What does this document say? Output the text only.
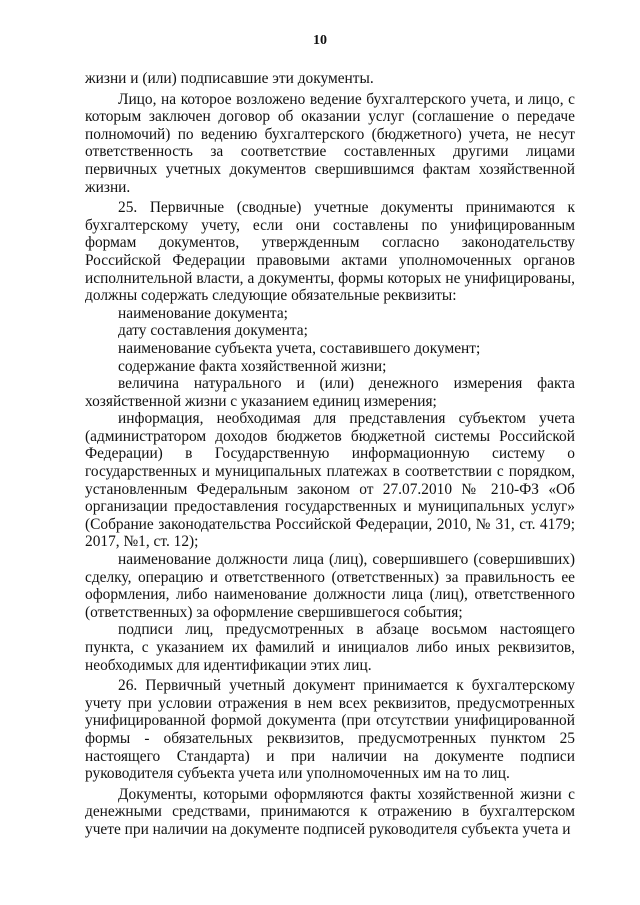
10

жизни и (или) подписавшие эти документы.

Лицо, на которое возложено ведение бухгалтерского учета, и лицо, с которым заключен договор об оказании услуг (соглашение о передаче полномочий) по ведению бухгалтерского (бюджетного) учета, не несут ответственность за соответствие составленных другими лицами первичных учетных документов свершившимся фактам хозяйственной жизни.

25. Первичные (сводные) учетные документы принимаются к бухгалтерскому учету, если они составлены по унифицированным формам документов, утвержденным согласно законодательству Российской Федерации правовыми актами уполномоченных органов исполнительной власти, а документы, формы которых не унифицированы, должны содержать следующие обязательные реквизиты:

наименование документа;

дату составления документа;

наименование субъекта учета, составившего документ;

содержание факта хозяйственной жизни;

величина натурального и (или) денежного измерения факта хозяйственной жизни с указанием единиц измерения;

информация, необходимая для представления субъектом учета (администратором доходов бюджетов бюджетной системы Российской Федерации) в Государственную информационную систему о государственных и муниципальных платежах в соответствии с порядком, установленным Федеральным законом от 27.07.2010 № 210-ФЗ «Об организации предоставления государственных и муниципальных услуг» (Собрание законодательства Российской Федерации, 2010, № 31, ст. 4179; 2017, №1, ст. 12);

наименование должности лица (лиц), совершившего (совершивших) сделку, операцию и ответственного (ответственных) за правильность ее оформления, либо наименование должности лица (лиц), ответственного (ответственных) за оформление свершившегося события;

подписи лиц, предусмотренных в абзаце восьмом настоящего пункта, с указанием их фамилий и инициалов либо иных реквизитов, необходимых для идентификации этих лиц.

26. Первичный учетный документ принимается к бухгалтерскому учету при условии отражения в нем всех реквизитов, предусмотренных унифицированной формой документа (при отсутствии унифицированной формы - обязательных реквизитов, предусмотренных пунктом 25 настоящего Стандарта) и при наличии на документе подписи руководителя субъекта учета или уполномоченных им на то лиц.

Документы, которыми оформляются факты хозяйственной жизни с денежными средствами, принимаются к отражению в бухгалтерском учете при наличии на документе подписей руководителя субъекта учета и
